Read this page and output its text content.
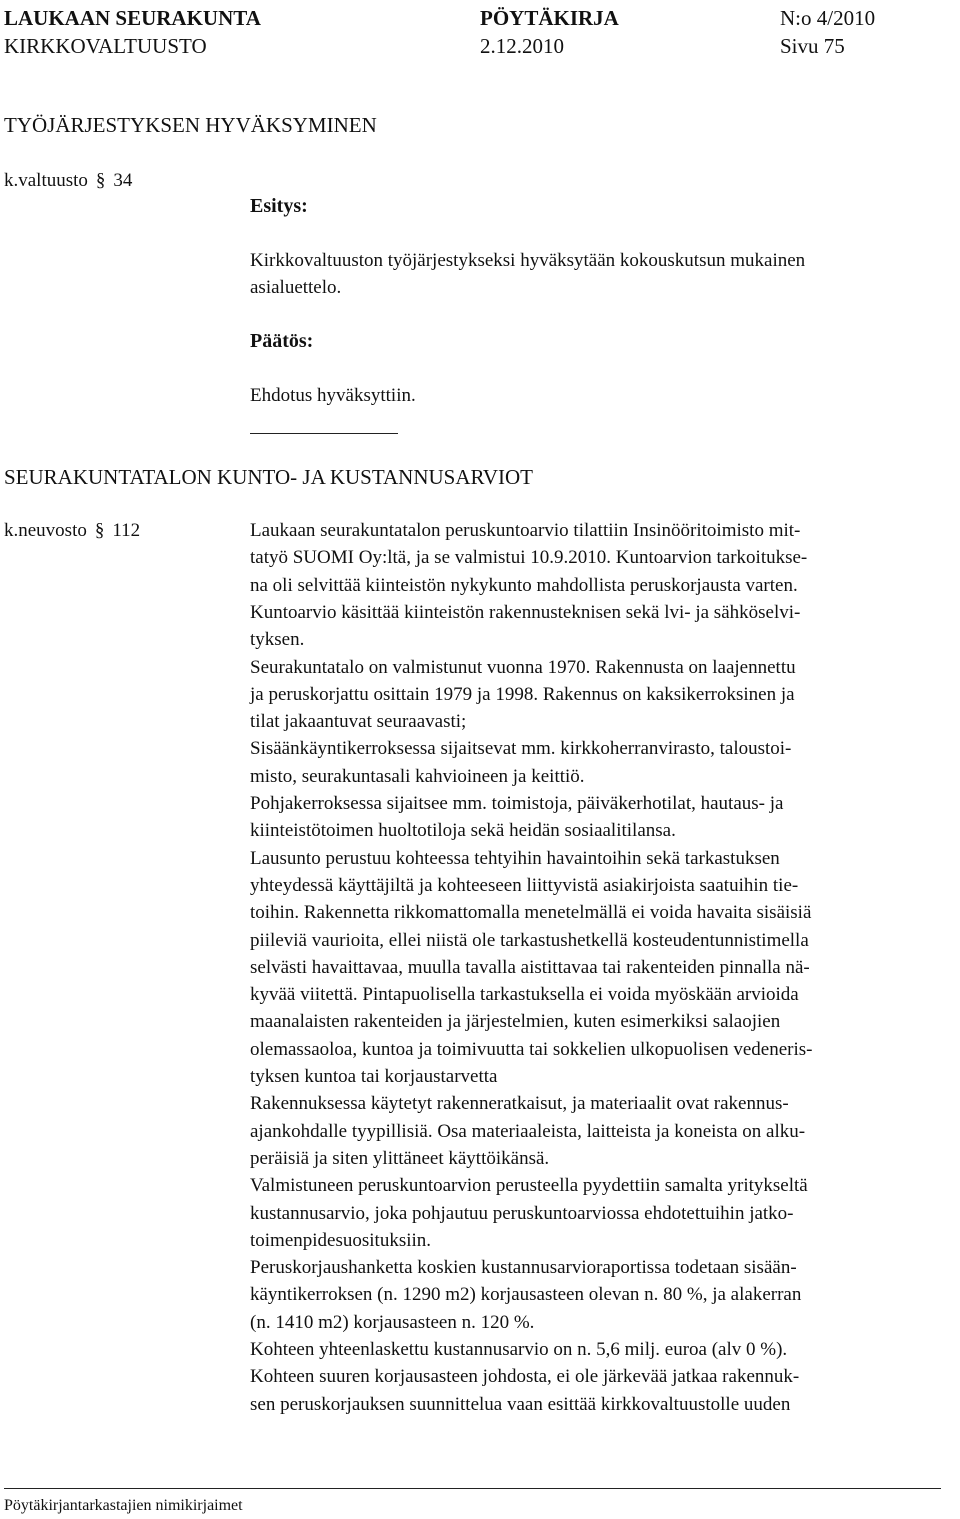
LAUKAAN SEURAKUNTA	PÖYTÄKIRJA	N:o 4/2010
KIRKKOVALTUUSTO	2.12.2010	Sivu 75
TYÖJÄRJESTYKSEN HYVÄKSYMINEN
k.valtuusto § 34
Esitys:
Kirkkovaltuuston työjärjestykseksi hyväksytään kokouskutsun mukainen
asialuettelo.
Päätös:
Ehdotus hyväksyttiin.
SEURAKUNTATALON KUNTO- JA KUSTANNUSARVIOT
k.neuvosto § 112	Laukaan seurakuntatalon peruskuntoarvio tilattiin Insinööritoimisto mit-
tatyö SUOMI Oy:ltä, ja se valmistui 10.9.2010. Kuntoarvion tarkoitukse-
na oli selvittää kiinteistön nykykunto mahdollista peruskorjausta varten.
Kuntoarvio käsittää kiinteistön rakennusteknisen sekä lvi- ja sähköselvi-
tyksen.
Seurakuntatalo on valmistunut vuonna 1970. Rakennusta on laajennettu
ja peruskorjattu osittain 1979 ja 1998. Rakennus on kaksikerroksinen ja
tilat jakaantuvat seuraavasti;
Sisäänkäyntikerroksessa sijaitsevat mm. kirkkoherranvirasto, taloustoi-
misto, seurakuntasali kahvioineen ja keittiö.
Pohjakerroksessa sijaitsee mm. toimistoja, päiväkerhotilat, hautaus- ja
kiinteistötoimen huoltotiloja sekä heidän sosiaalitilansa.
Lausunto perustuu kohteessa tehtyihin havaintoihin sekä tarkastuksen
yhteydessä käyttäjiltä ja kohteeseen liittyvistä asiakirjoista saatuihin tie-
toihin. Rakennetta rikkomattomalla menetelmällä ei voida havaita sisäisiä
piileviä vaurioita, ellei niistä ole tarkastushetkellä kosteudentunnistimella
selvästi havaittavaa, muulla tavalla aistittavaa tai rakenteiden pinnalla nä-
kyvää viitettä. Pintapuolisella tarkastuksella ei voida myöskään arvioida
maanalaisten rakenteiden ja järjestelmien, kuten esimerkiksi salaojien
olemassaoloa, kuntoa ja toimivuutta tai sokkelien ulkopuolisen vedeneris-
tyksen kuntoa tai korjaustarvetta
Rakennuksessa käytetyt rakenneratkaisut, ja materiaalit ovat rakennus-
ajankohdalle tyypillisiä. Osa materiaaleista, laitteista ja koneista on alku-
peräisiä ja siten ylittäneet käyttöikänsä.
Valmistuneen peruskuntoarvion perusteella pyydettiin samalta yritykseltä
kustannusarvio, joka pohjautuu peruskuntoarviossa ehdotettuihin jatko-
toimenpidesuosituksiin.
Peruskorjaushanketta koskien kustannusarvioraportissa todetaan sisään-
käyntikerroksen (n. 1290 m2) korjausasteen olevan n. 80 %, ja alakerran
(n. 1410 m2) korjausasteen n. 120 %.
Kohteen yhteenlaskettu kustannusarvio on n. 5,6 milj. euroa (alv 0 %).
Kohteen suuren korjausasteen johdosta, ei ole järkevää jatkaa rakennuk-
sen peruskorjauksen suunnittelua vaan esittää kirkkovaltuustolle uuden
Pöytäkirjantarkastajien nimikirjaimet
